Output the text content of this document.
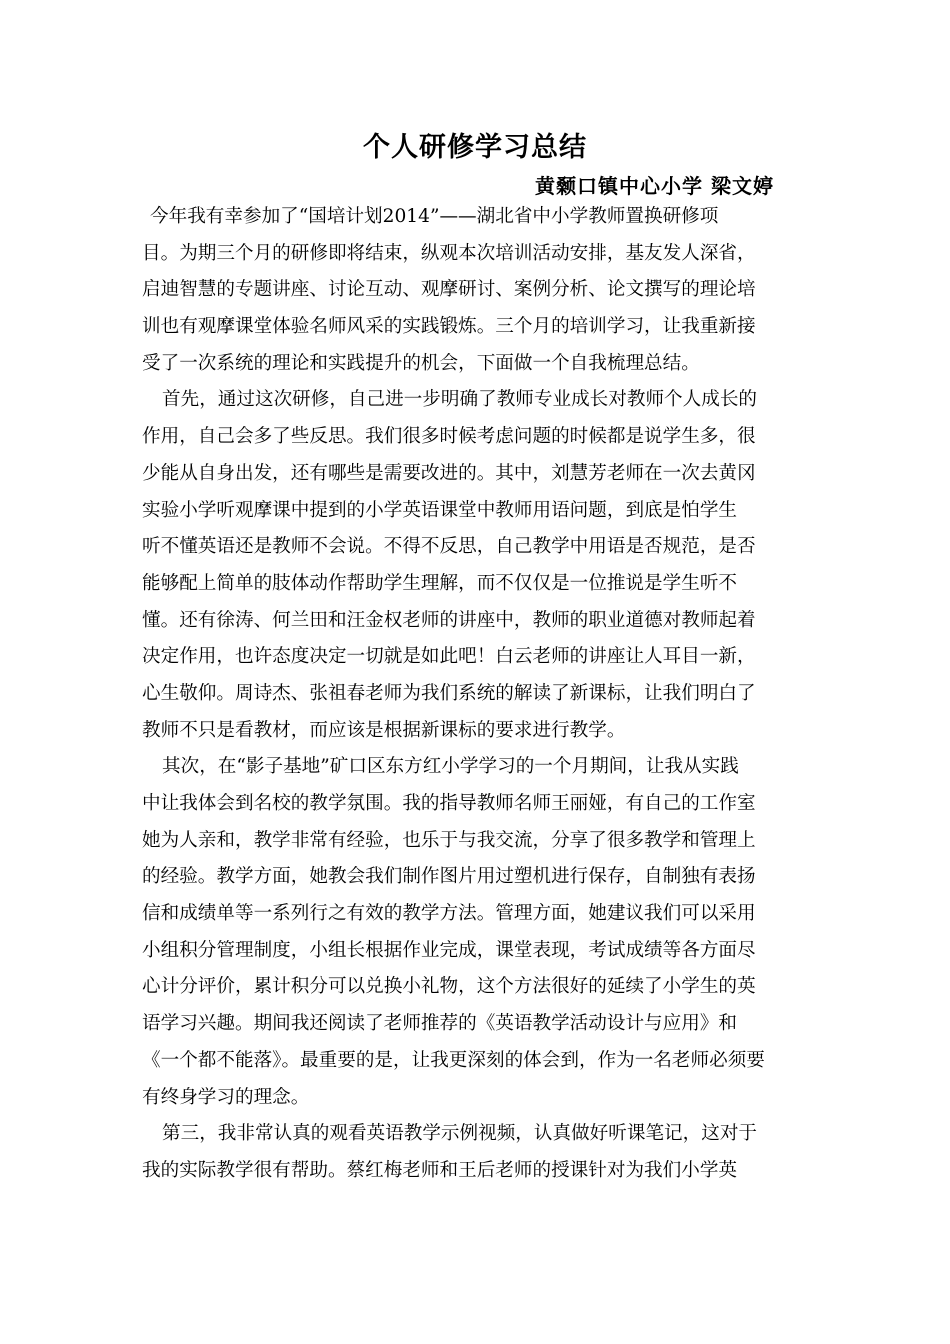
个人研修学习总结
黄颡口镇中心小学 梁文婷
今年我有幸参加了“国培计划2014”——湖北省中小学教师置换研修项
目。为期三个月的研修即将结束，纵观本次培训活动安排，基友发人深省，
启迪智慧的专题讲座、讨论互动、观摩研讨、案例分析、论文撰写的理论培
训也有观摩课堂体验名师风采的实践锻炼。三个月的培训学习，让我重新接
受了一次系统的理论和实践提升的机会，下面做一个自我梳理总结。
首先，通过这次研修，自己进一步明确了教师专业成长对教师个人成长的
作用，自己会多了些反思。我们很多时候考虑问题的时候都是说学生多，很
少能从自身出发，还有哪些是需要改进的。其中，刘慧芳老师在一次去黄冈
实验小学听观摩课中提到的小学英语课堂中教师用语问题，到底是怕学生
听不懂英语还是教师不会说。不得不反思，自己教学中用语是否规范，是否
能够配上简单的肢体动作帮助学生理解，而不仅仅是一位推说是学生听不
懂。还有徐涛、何兰田和汪金权老师的讲座中，教师的职业道德对教师起着
决定作用，也许态度决定一切就是如此吧！白云老师的讲座让人耳目一新，
心生敬仰。周诗杰、张祖春老师为我们系统的解读了新课标，让我们明白了
教师不只是看教材，而应该是根据新课标的要求进行教学。
其次，在“影子基地”矿口区东方红小学学习的一个月期间，让我从实践
中让我体会到名校的教学氛围。我的指导教师名师王丽娅，有自己的工作室
她为人亲和，教学非常有经验，也乐于与我交流，分享了很多教学和管理上
的经验。教学方面，她教会我们制作图片用过塑机进行保存，自制独有表扬
信和成绩单等一系列行之有效的教学方法。管理方面，她建议我们可以采用
小组积分管理制度，小组长根据作业完成，课堂表现，考试成绩等各方面尽
心计分评价，累计积分可以兑换小礼物，这个方法很好的延续了小学生的英
语学习兴趣。期间我还阅读了老师推荐的《英语教学活动设计与应用》和
《一个都不能落》。最重要的是，让我更深刻的体会到，作为一名老师必须要
有终身学习的理念。
第三，我非常认真的观看英语教学示例视频，认真做好听课笔记，这对于
我的实际教学很有帮助。蔡红梅老师和王后老师的授课针对为我们小学英
